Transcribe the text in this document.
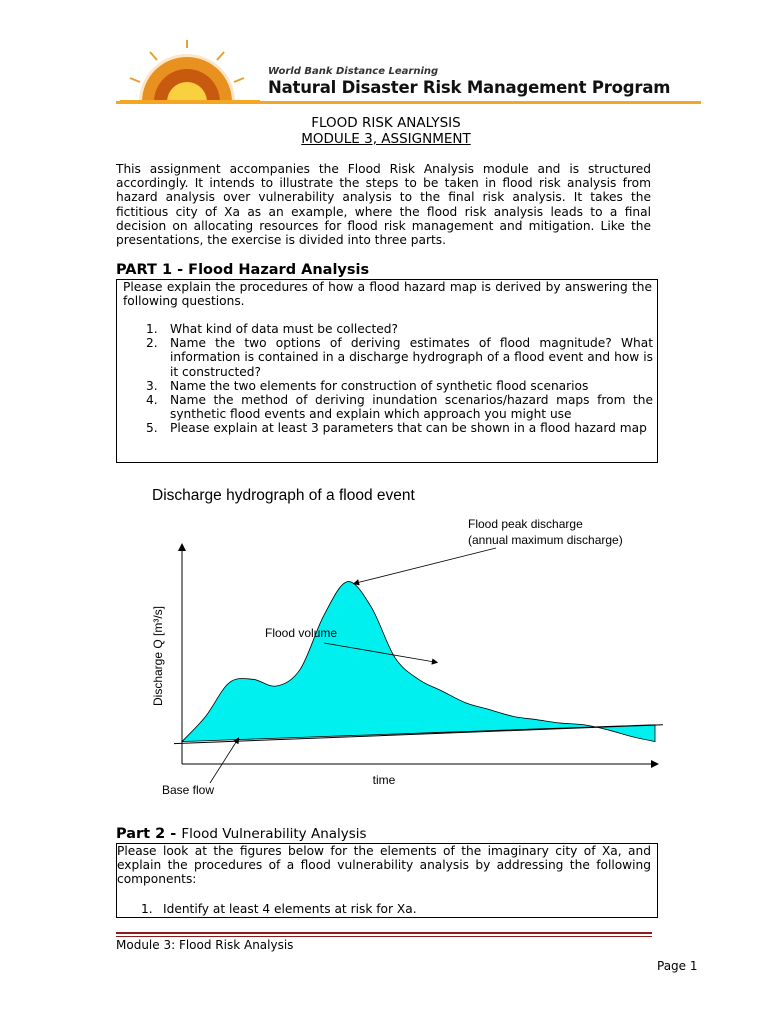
World Bank Distance Learning
Natural Disaster Risk Management Program
FLOOD RISK ANALYSIS
MODULE 3, ASSIGNMENT
This assignment accompanies the Flood Risk Analysis module and is structured accordingly. It intends to illustrate the steps to be taken in flood risk analysis from hazard analysis over vulnerability analysis to the final risk analysis. It takes the fictitious city of Xa as an example, where the flood risk analysis leads to a final decision on allocating resources for flood risk management and mitigation. Like the presentations, the exercise is divided into three parts.
PART 1 - Flood Hazard Analysis
Please explain the procedures of how a flood hazard map is derived by answering the following questions.
1. What kind of data must be collected?
2. Name the two options of deriving estimates of flood magnitude? What information is contained in a discharge hydrograph of a flood event and how is it constructed?
3. Name the two elements for construction of synthetic flood scenarios
4. Name the method of deriving inundation scenarios/hazard maps from the synthetic flood events and explain which approach you might use
5. Please explain at least 3 parameters that can be shown in a flood hazard map
Discharge hydrograph of a flood event
time
Discharge Q [m³/s]
Flood peak discharge
(annual maximum discharge)
Flood volume
Base flow
Part 2 - Flood Vulnerability Analysis
Please look at the figures below for the elements of the imaginary city of Xa, and explain the procedures of a flood vulnerability analysis by addressing the following components:
1. Identify at least 4 elements at risk for Xa.
Module 3: Flood Risk Analysis
Page 1
